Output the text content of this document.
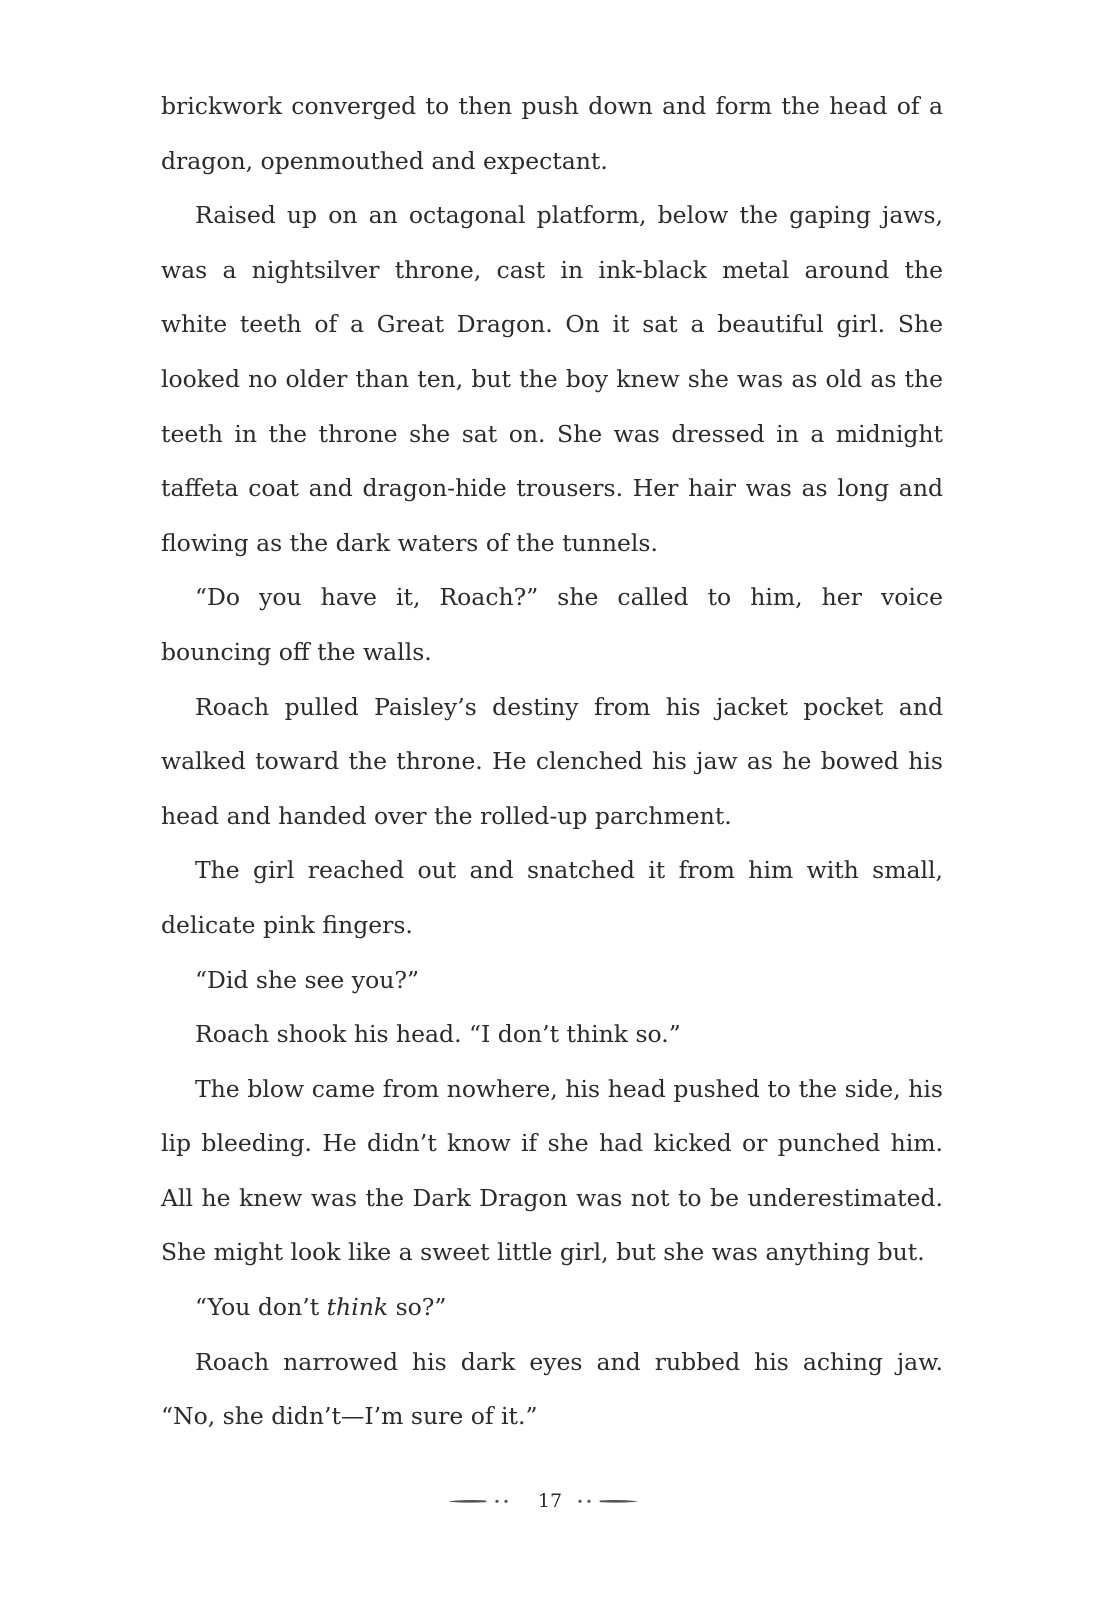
brickwork converged to then push down and form the head of a dragon, openmouthed and expectant.

Raised up on an octagonal platform, below the gaping jaws, was a nightsilver throne, cast in ink-black metal around the white teeth of a Great Dragon. On it sat a beautiful girl. She looked no older than ten, but the boy knew she was as old as the teeth in the throne she sat on. She was dressed in a midnight taffeta coat and dragon-hide trousers. Her hair was as long and flowing as the dark waters of the tunnels.

“Do you have it, Roach?” she called to him, her voice bouncing off the walls.

Roach pulled Paisley’s destiny from his jacket pocket and walked toward the throne. He clenched his jaw as he bowed his head and handed over the rolled-up parchment.

The girl reached out and snatched it from him with small, delicate pink fingers.

“Did she see you?”

Roach shook his head. “I don’t think so.”

The blow came from nowhere, his head pushed to the side, his lip bleeding. He didn’t know if she had kicked or punched him. All he knew was the Dark Dragon was not to be underestimated. She might look like a sweet little girl, but she was anything but.

“You don’t think so?”

Roach narrowed his dark eyes and rubbed his aching jaw. “No, she didn’t—I’m sure of it.”

17
